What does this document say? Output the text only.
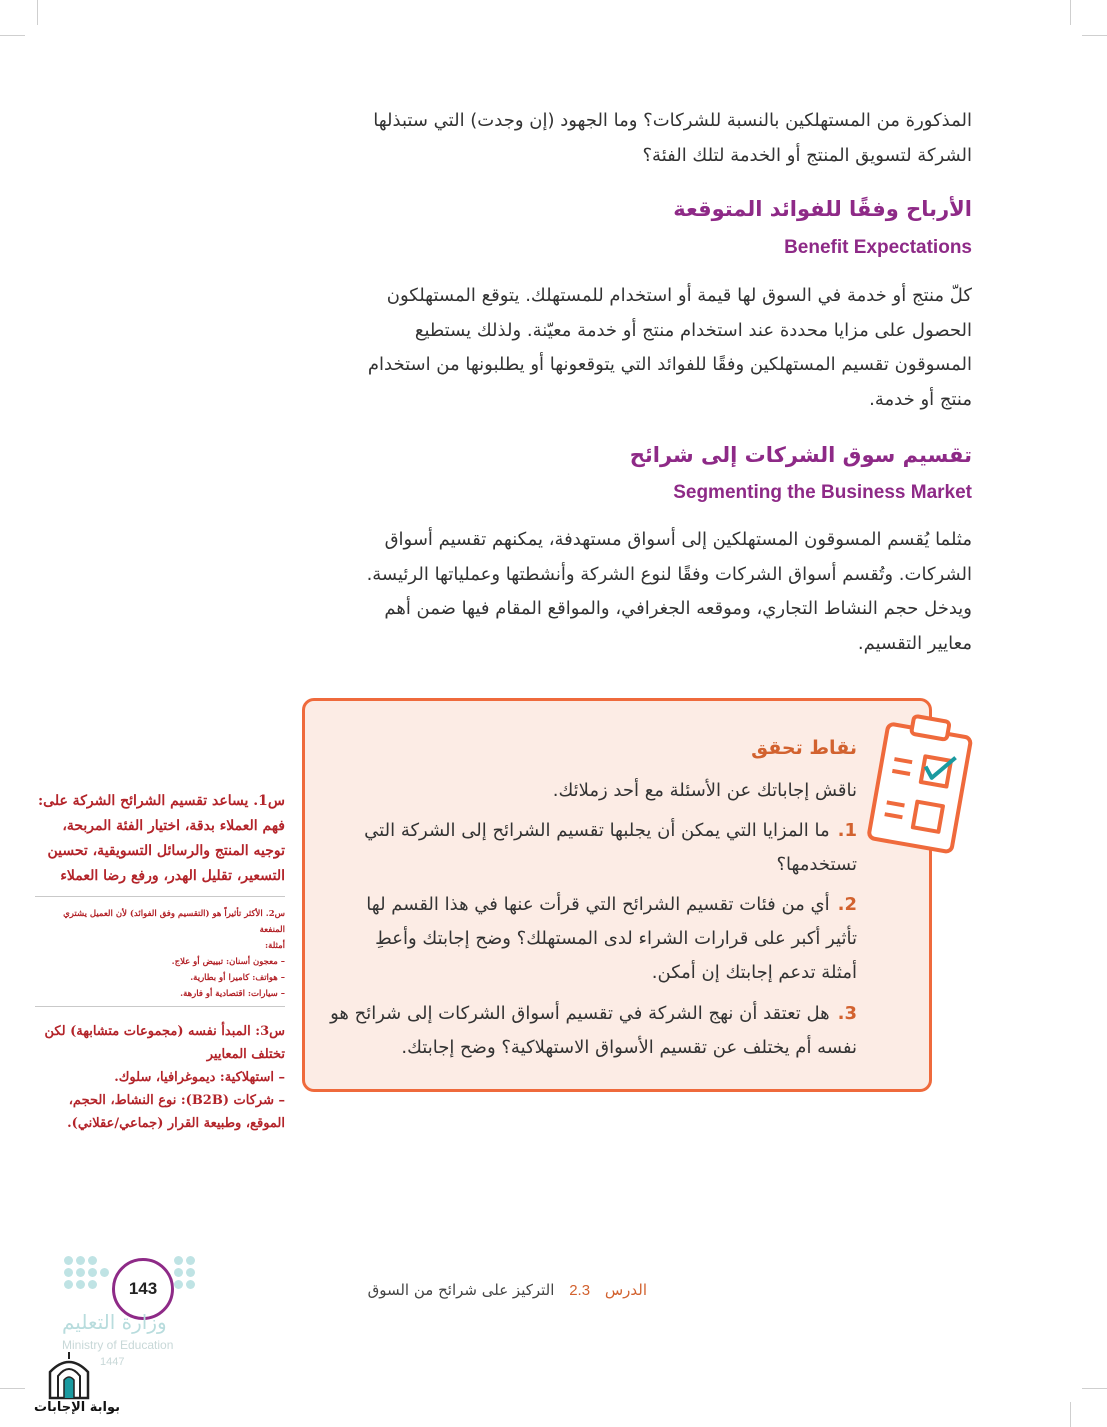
المذكورة من المستهلكين بالنسبة للشركات؟ وما الجهود (إن وجدت) التي ستبذلها

الشركة لتسويق المنتج أو الخدمة لتلك الفئة؟

الأرباح وفقًا للفوائد المتوقعة
Benefit Expectations

كلّ منتج أو خدمة في السوق لها قيمة أو استخدام للمستهلك. يتوقع المستهلكون

الحصول على مزايا محددة عند استخدام منتج أو خدمة معيّنة. ولذلك يستطيع

المسوقون تقسيم المستهلكين وفقًا للفوائد التي يتوقعونها أو يطلبونها من استخدام

منتج أو خدمة.

تقسيم سوق الشركات إلى شرائح
Segmenting the Business Market

مثلما يُقسم المسوقون المستهلكين إلى أسواق مستهدفة، يمكنهم تقسيم أسواق

الشركات. وتُقسم أسواق الشركات وفقًا لنوع الشركة وأنشطتها وعملياتها الرئيسة.

ويدخل حجم النشاط التجاري، وموقعه الجغرافي، والمواقع المقام فيها ضمن أهم

معايير التقسيم.

نقاط تحقق
ناقش إجاباتك عن الأسئلة مع أحد زملائك.
1.ما المزايا التي يمكن أن يجلبها تقسيم الشرائح إلى الشركة التي
تستخدمها؟
2.أي من فئات تقسيم الشرائح التي قرأت عنها في هذا القسم لها
تأثير أكبر على قرارات الشراء لدى المستهلك؟ وضح إجابتك وأعطِ
أمثلة تدعم إجابتك إن أمكن.
3.هل تعتقد أن نهج الشركة في تقسيم أسواق الشركات إلى شرائح هو
نفسه أم يختلف عن تقسيم الأسواق الاستهلاكية؟ وضح إجابتك.

س1. يساعد تقسيم الشرائح الشركة على:

فهم العملاء بدقة، اختيار الفئة المربحة،

توجيه المنتج والرسائل التسويقية، تحسين

التسعير، تقليل الهدر، ورفع رضا العملاء

س2. الأكثر تأثيراً هو (التقسيم وفق الفوائد) لأن العميل يشتري

المنفعة

أمثلة:

– معجون أسنان: تبييض أو علاج.

– هواتف: كاميرا أو بطارية.

– سيارات: اقتصادية أو فارهة.

س3: المبدأ نفسه (مجموعات متشابهة) لكن

تختلف المعايير

– استهلاكية: ديموغرافيا، سلوك.

– شركات (B2B): نوع النشاط، الحجم،

الموقع، وطبيعة القرار (جماعي/عقلاني).

الدرس 2.3 التركيز على شرائح من السوق
143
وزارة التعليم
Ministry of Education
1447
بوابة الإجابات
